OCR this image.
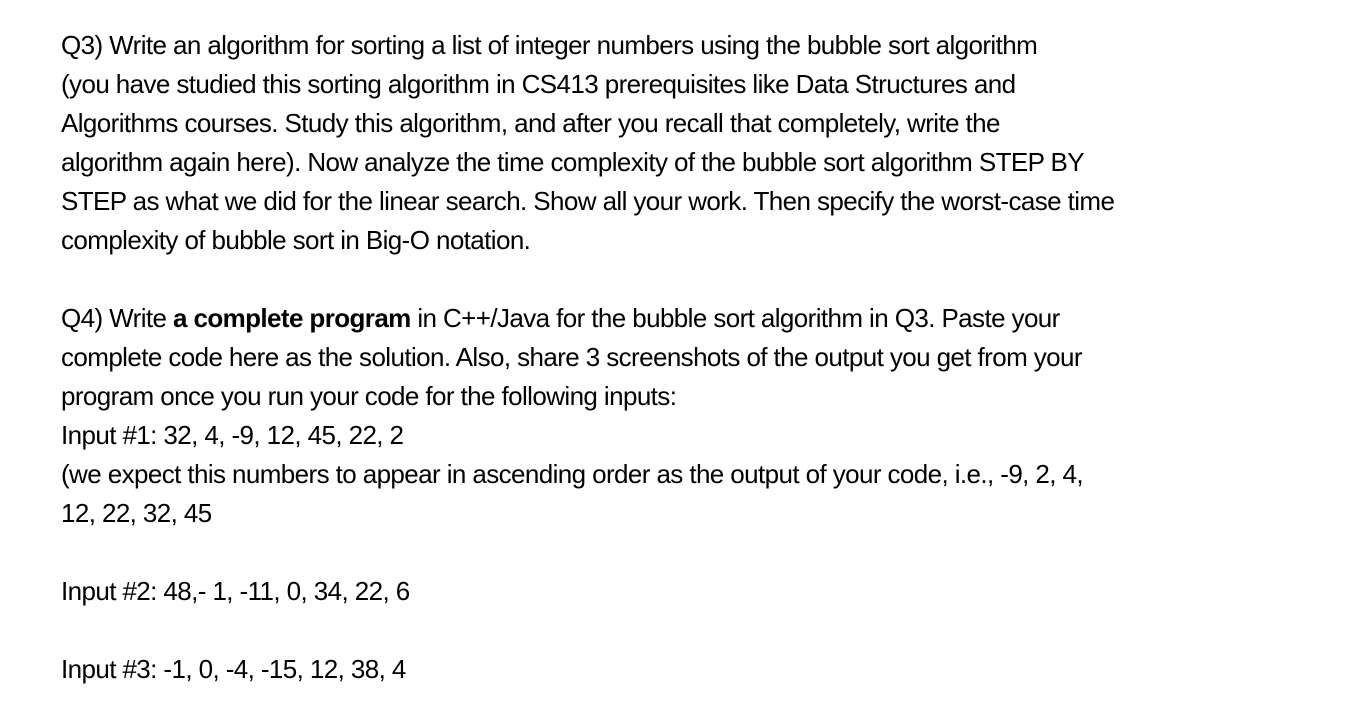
Q3) Write an algorithm for sorting a list of integer numbers using the bubble sort algorithm
(you have studied this sorting algorithm in CS413 prerequisites like Data Structures and
Algorithms courses. Study this algorithm, and after you recall that completely, write the
algorithm again here). Now analyze the time complexity of the bubble sort algorithm STEP BY
STEP as what we did for the linear search. Show all your work. Then specify the worst-case time
complexity of bubble sort in Big-O notation.
Q4) Write a complete program in C++/Java for the bubble sort algorithm in Q3. Paste your
complete code here as the solution. Also, share 3 screenshots of the output you get from your
program once you run your code for the following inputs:
Input #1: 32, 4, -9, 12, 45, 22, 2
(we expect this numbers to appear in ascending order as the output of your code, i.e., -9, 2, 4,
12, 22, 32, 45
Input #2: 48,- 1, -11, 0, 34, 22, 6
Input #3: -1, 0, -4, -15, 12, 38, 4
